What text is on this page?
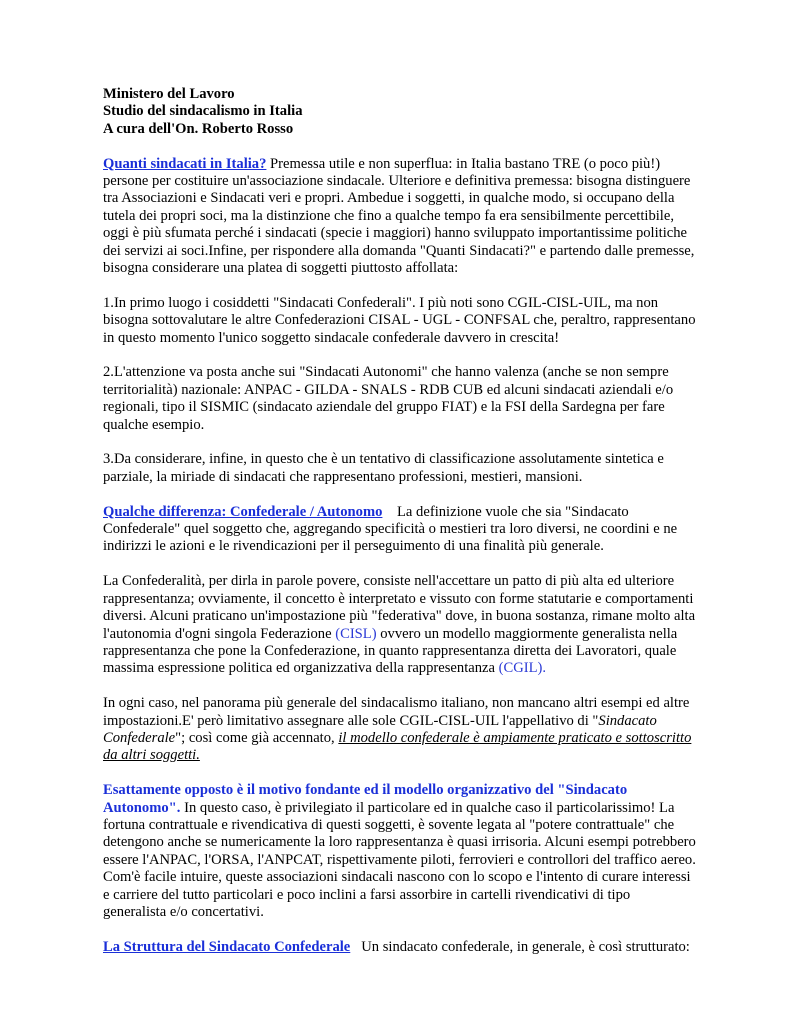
Ministero del Lavoro

Studio del sindacalismo in Italia

A cura dell'On. Roberto Rosso

Quanti sindacati in Italia? Premessa utile e non superflua: in Italia bastano TRE (o poco più!) persone per costituire un'associazione sindacale. Ulteriore e definitiva premessa: bisogna distinguere tra Associazioni e Sindacati veri e propri. Ambedue i soggetti, in qualche modo, si occupano della tutela dei propri soci, ma la distinzione che fino a qualche tempo fa era sensibilmente percettibile, oggi è più sfumata perché i sindacati (specie i maggiori) hanno sviluppato importantissime politiche dei servizi ai soci.Infine, per rispondere alla domanda "Quanti Sindacati?" e partendo dalle premesse, bisogna considerare una platea di soggetti piuttosto affollata:

1.In primo luogo i cosiddetti "Sindacati Confederali". I più noti sono CGIL-CISL-UIL, ma non bisogna sottovalutare le altre Confederazioni CISAL - UGL - CONFSAL che, peraltro, rappresentano in questo momento l'unico soggetto sindacale confederale davvero in crescita!

2.L'attenzione va posta anche sui "Sindacati Autonomi" che hanno valenza (anche se non sempre territorialità) nazionale: ANPAC - GILDA - SNALS - RDB CUB ed alcuni sindacati aziendali e/o regionali, tipo il SISMIC (sindacato aziendale del gruppo FIAT) e la FSI della Sardegna per fare qualche esempio.

3.Da considerare, infine, in questo che è un tentativo di classificazione assolutamente sintetica e parziale, la miriade di sindacati che rappresentano professioni, mestieri, mansioni.

Qualche differenza: Confederale / Autonomo    La definizione vuole che sia "Sindacato Confederale" quel soggetto che, aggregando specificità o mestieri tra loro diversi, ne coordini e ne indirizzi le azioni e le rivendicazioni per il perseguimento di una finalità più generale.

La Confederalità, per dirla in parole povere, consiste nell'accettare un patto di più alta ed ulteriore rappresentanza; ovviamente, il concetto è interpretato e vissuto con forme statutarie e comportamenti diversi. Alcuni praticano un'impostazione più "federativa" dove, in buona sostanza, rimane molto alta l'autonomia d'ogni singola Federazione (CISL) ovvero un modello maggiormente generalista nella rappresentanza che pone la Confederazione, in quanto rappresentanza diretta dei Lavoratori, quale massima espressione politica ed organizzativa della rappresentanza (CGIL).

In ogni caso, nel panorama più generale del sindacalismo italiano, non mancano altri esempi ed altre impostazioni.E' però limitativo assegnare alle sole CGIL-CISL-UIL l'appellativo di "Sindacato Confederale"; così come già accennato, il modello confederale è ampiamente praticato e sottoscritto da altri soggetti.

Esattamente opposto è il motivo fondante ed il modello organizzativo del "Sindacato Autonomo". In questo caso, è privilegiato il particolare ed in qualche caso il particolarissimo! La fortuna contrattuale e rivendicativa di questi soggetti, è sovente legata al "potere contrattuale" che detengono anche se numericamente la loro rappresentanza è quasi irrisoria. Alcuni esempi potrebbero essere l'ANPAC, l'ORSA, l'ANPCAT, rispettivamente piloti, ferrovieri e controllori del traffico aereo. Com'è facile intuire, queste associazioni sindacali nascono con lo scopo e l'intento di curare interessi e carriere del tutto particolari e poco inclini a farsi assorbire in cartelli rivendicativi di tipo generalista e/o concertativi.

La Struttura del Sindacato Confederale   Un sindacato confederale, in generale, è così strutturato:
